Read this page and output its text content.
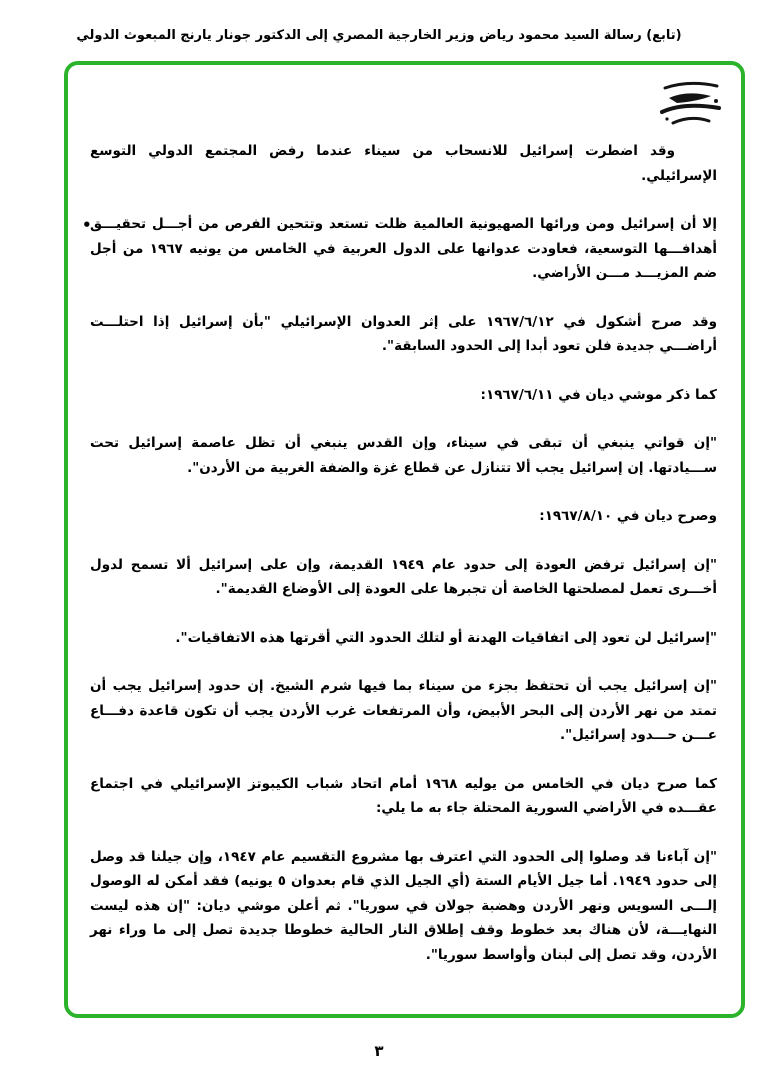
(تابع) رسالة السيد محمود رياض وزير الخارجية المصري إلى الدكتور جونار يارنج المبعوث الدولي
وقد اضطرت إسرائيل للانسحاب من سيناء عندما رفض المجتمع الدولي التوسع الإسرائيلي.
•
إلا أن إسرائيل ومن ورائها الصهيونية العالمية ظلت تستعد وتتحين الفرص من أجـــل تحقيـــق أهدافـــها التوسعية، فعاودت عدوانها على الدول العربية في الخامس من يونيه ١٩٦٧ من أجل ضم المزيـــد مـــن الأراضي.
وقد صرح أشكول في ١٩٦٧/٦/١٢ على إثر العدوان الإسرائيلي "بأن إسرائيل إذا احتلـــت أراضـــي جديدة فلن تعود أبدا إلى الحدود السابقة".
كما ذكر موشي ديان في ١٩٦٧/٦/١١:
"إن قواتي ينبغي أن تبقى في سيناء، وإن القدس ينبغي أن تظل عاصمة إسرائيل تحت ســـيادتها. إن إسرائيل يجب ألا تتنازل عن قطاع غزة والضفة الغربية من الأردن".
وصرح ديان في ١٩٦٧/٨/١٠:
"إن إسرائيل ترفض العودة إلى حدود عام ١٩٤٩ القديمة، وإن على إسرائيل ألا تسمح لدول أخـــرى تعمل لمصلحتها الخاصة أن تجبرها على العودة إلى الأوضاع القديمة".
"إسرائيل لن تعود إلى اتفاقيات الهدنة أو لتلك الحدود التي أقرتها هذه الاتفاقيات".
"إن إسرائيل يجب أن تحتفظ بجزء من سيناء بما فيها شرم الشيخ. إن حدود إسرائيل يجب أن تمتد من نهر الأردن إلى البحر الأبيض، وأن المرتفعات غرب الأردن يجب أن تكون قاعدة دفـــاع عـــن حـــدود إسرائيل".
كما صرح ديان في الخامس من يوليه ١٩٦٨ أمام اتحاد شباب الكيبوتز الإسرائيلي في اجتماع عقـــده في الأراضي السورية المحتلة جاء به ما يلي:
"إن آباءنا قد وصلوا إلى الحدود التي اعترف بها مشروع التقسيم عام ١٩٤٧، وإن جيلنا قد وصل إلى حدود ١٩٤٩. أما جيل الأيام الستة (أي الجيل الذي قام بعدوان ٥ يونيه) فقد أمكن له الوصول إلـــى السويس ونهر الأردن وهضبة جولان في سوريا". ثم أعلن موشي ديان: "إن هذه ليست النهايـــة، لأن هناك بعد خطوط وقف إطلاق النار الحالية خطوطا جديدة تصل إلى ما وراء نهر الأردن، وقد تصل إلى لبنان وأواسط سوريا".
٣
